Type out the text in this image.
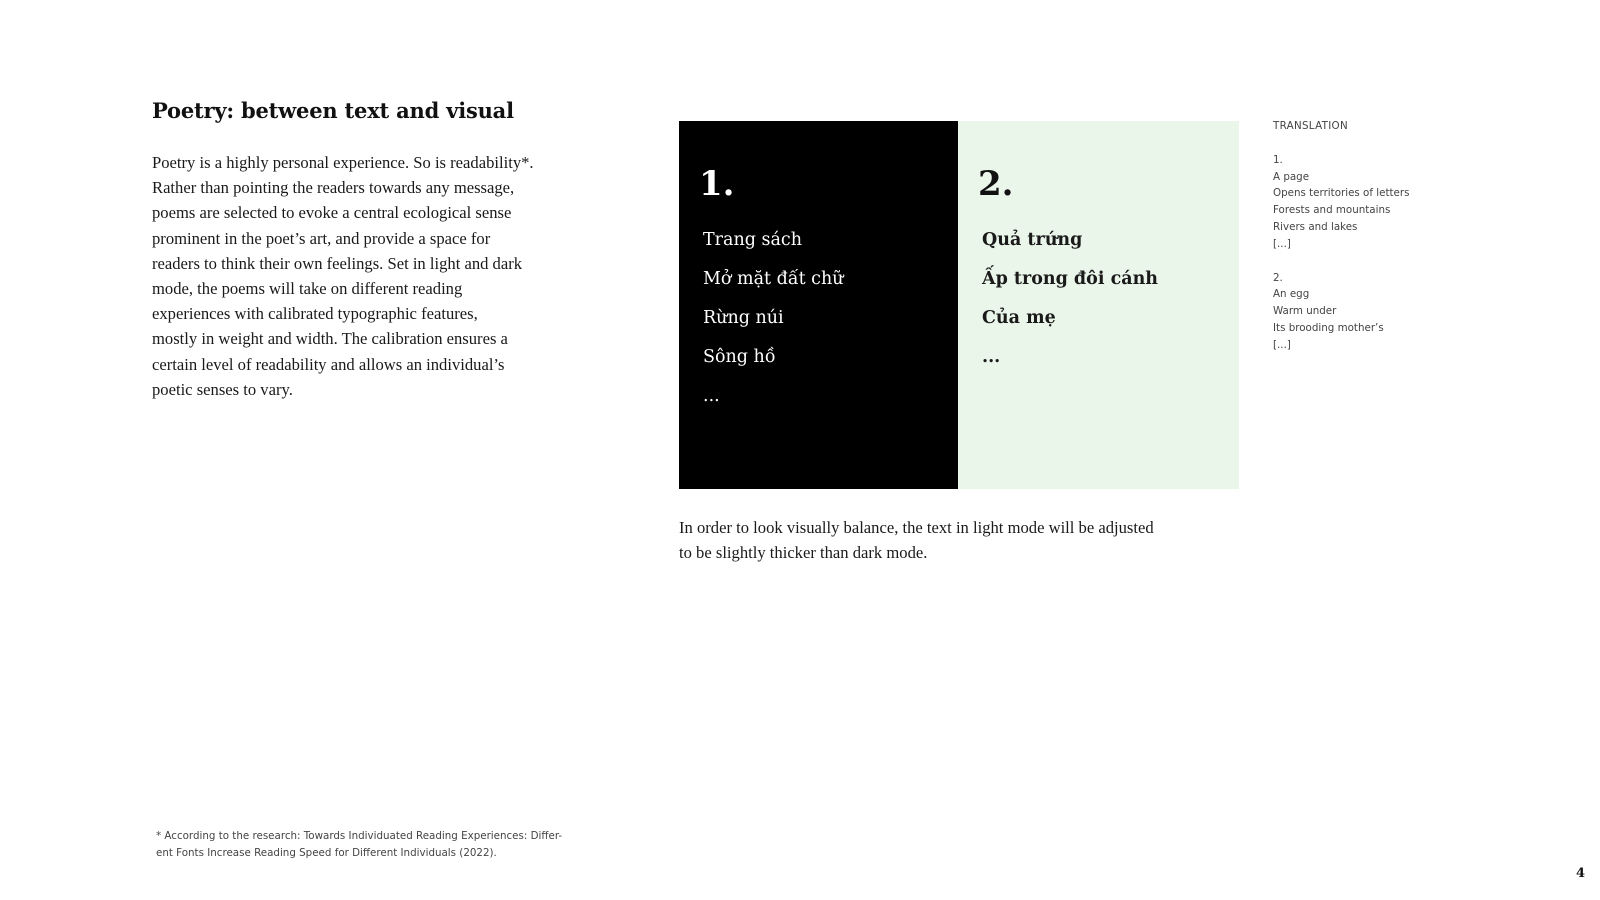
Poetry: between text and visual
Poetry is a highly personal experience. So is readability*.
Rather than pointing the readers towards any message,
poems are selected to evoke a central ecological sense
prominent in the poet’s art, and provide a space for
readers to think their own feelings. Set in light and dark
mode, the poems will take on different reading
experiences with calibrated typographic features,
mostly in weight and width. The calibration ensures a
certain level of readability and allows an individual’s
poetic senses to vary.
1.
Trang sách
Mở mặt đất chữ
Rừng núi
Sông hồ
...
2.
Quả trứng
Ấp trong đôi cánh
Của mẹ
...
In order to look visually balance, the text in light mode will be adjusted
to be slightly thicker than dark mode.
TRANSLATION
1.
A page
Opens territories of letters
Forests and mountains
Rivers and lakes
[...]
2.
An egg
Warm under
Its brooding mother’s
[...]
* According to the research: Towards Individuated Reading Experiences: Differ-
ent Fonts Increase Reading Speed for Different Individuals (2022).
4
